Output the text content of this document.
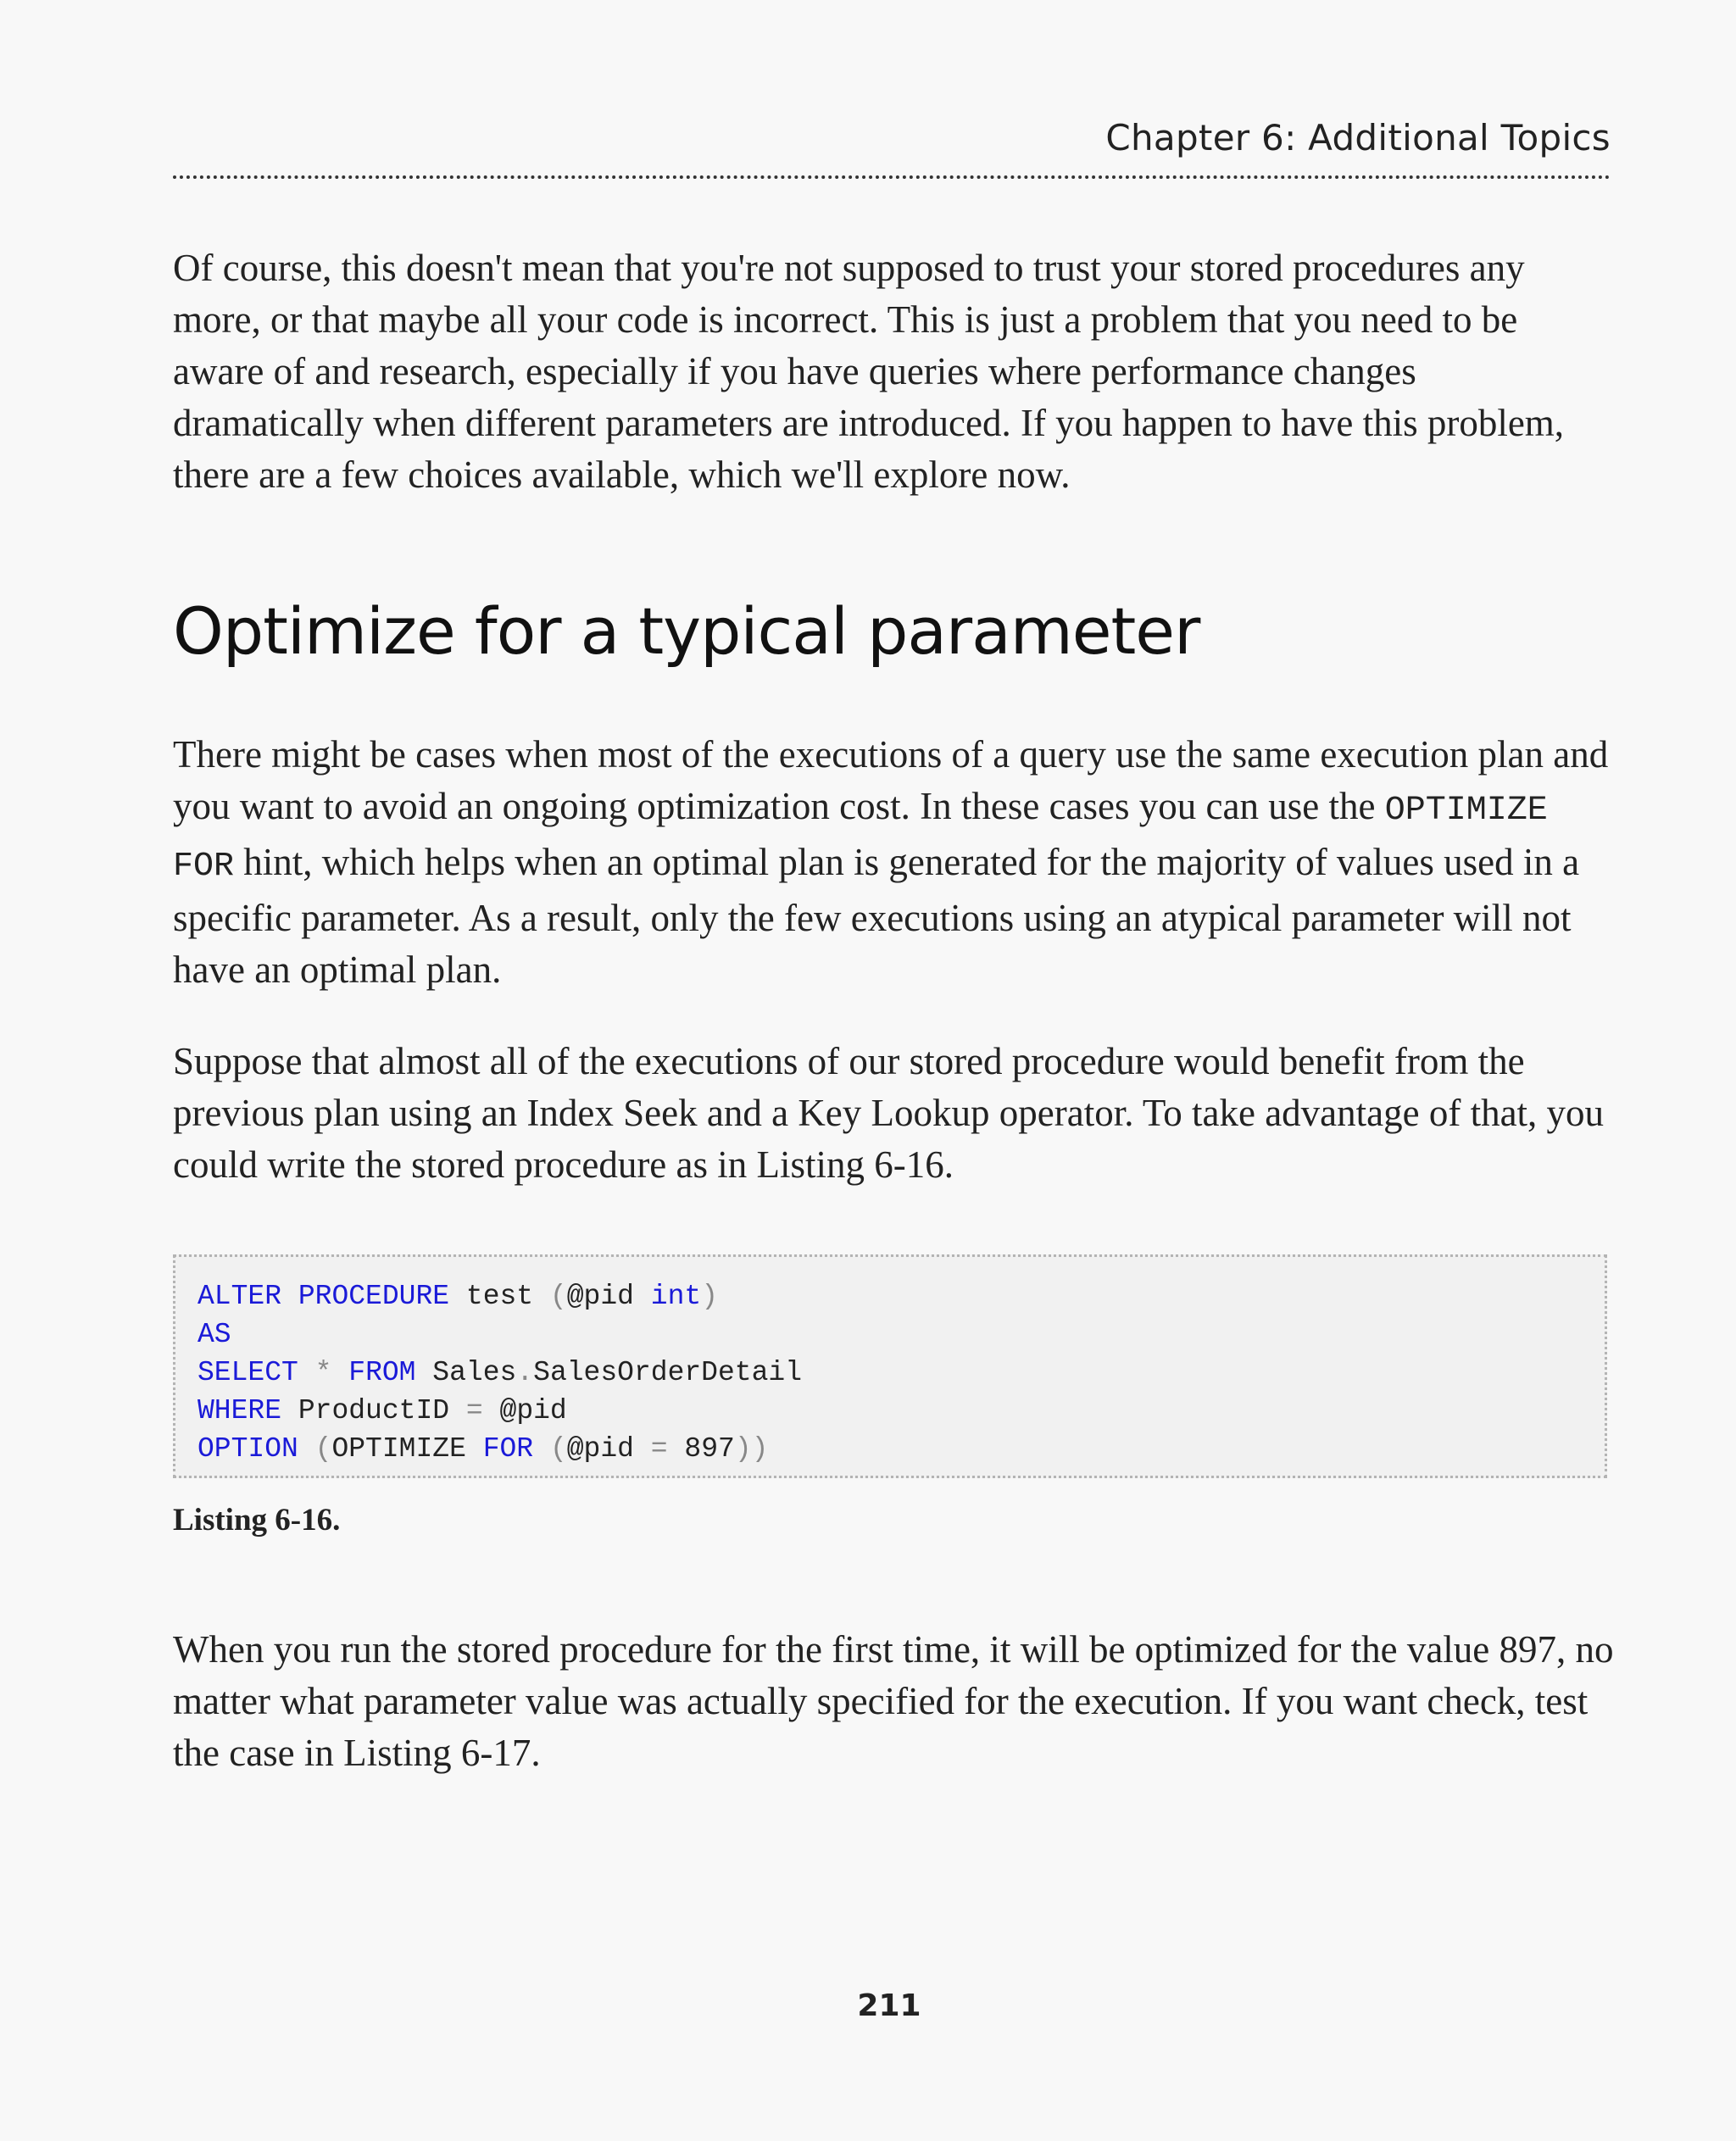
Chapter 6: Additional Topics

Of course, this doesn't mean that you're not supposed to trust your stored procedures any more, or that maybe all your code is incorrect. This is just a problem that you need to be aware of and research, especially if you have queries where performance changes dramatically when different parameters are introduced. If you happen to have this problem, there are a few choices available, which we'll explore now.

Optimize for a typical parameter

There might be cases when most of the executions of a query use the same execution plan and you want to avoid an ongoing optimization cost. In these cases you can use the OPTIMIZE FOR hint, which helps when an optimal plan is generated for the majority of values used in a specific parameter. As a result, only the few executions using an atypical parameter will not have an optimal plan.

Suppose that almost all of the executions of our stored procedure would benefit from the previous plan using an Index Seek and a Key Lookup operator. To take advantage of that, you could write the stored procedure as in Listing 6-16.

ALTER PROCEDURE test (@pid int)
AS
SELECT * FROM Sales.SalesOrderDetail
WHERE ProductID = @pid
OPTION (OPTIMIZE FOR (@pid = 897))
Listing 6-16.

When you run the stored procedure for the first time, it will be optimized for the value 897, no matter what parameter value was actually specified for the execution. If you want check, test the case in Listing 6-17.

211
